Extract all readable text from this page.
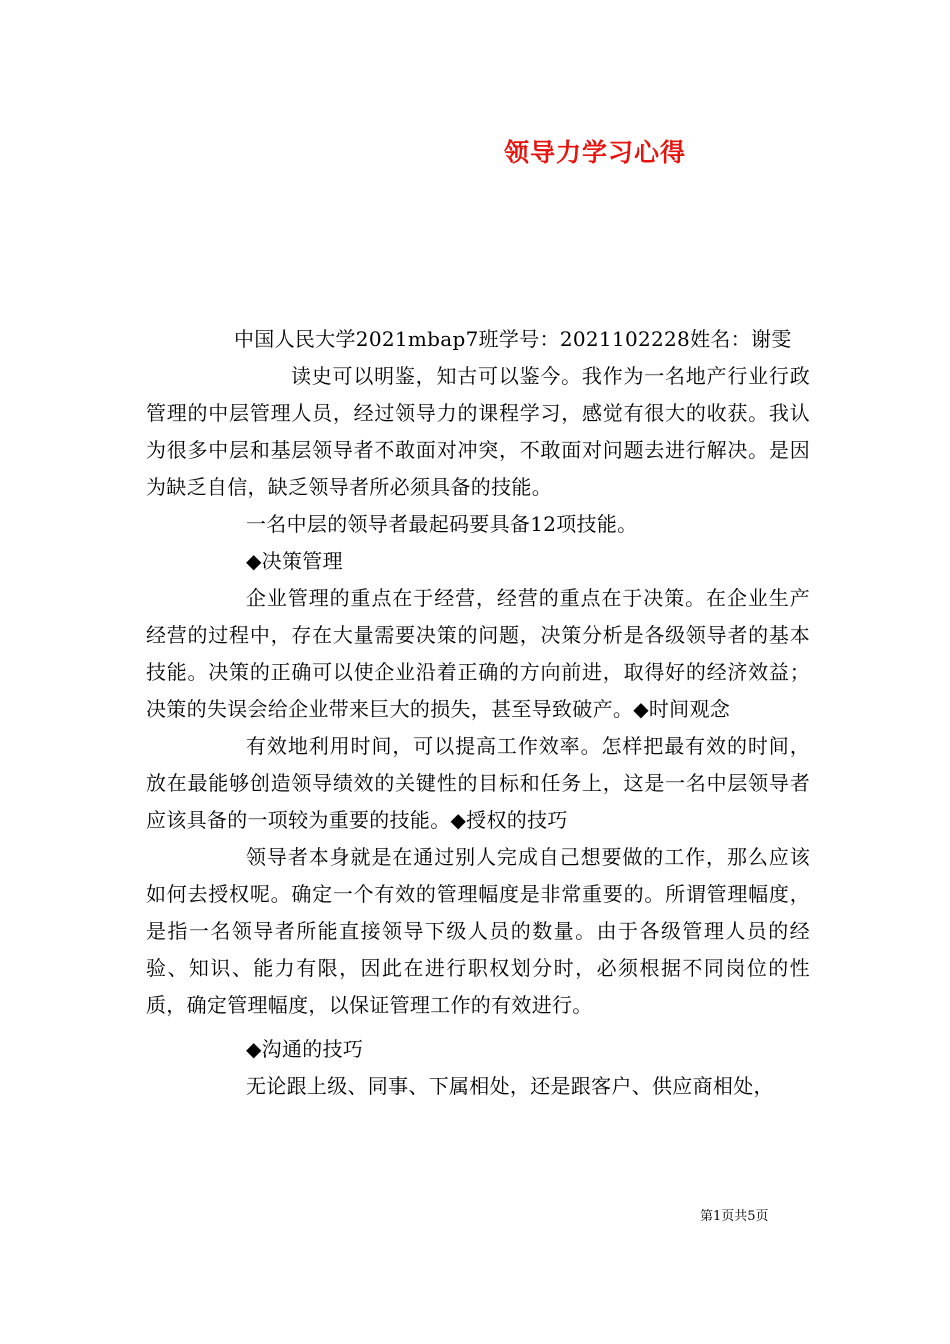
领导力学习心得

中国人民大学2021mbap7班学号：2021102228姓名：谢雯

读史可以明鉴，知古可以鉴今。我作为一名地产行业行政管理的中层管理人员，经过领导力的课程学习，感觉有很大的收获。我认为很多中层和基层领导者不敢面对冲突，不敢面对问题去进行解决。是因为缺乏自信，缺乏领导者所必须具备的技能。

一名中层的领导者最起码要具备12项技能。

◆决策管理

企业管理的重点在于经营，经营的重点在于决策。在企业生产经营的过程中，存在大量需要决策的问题，决策分析是各级领导者的基本技能。决策的正确可以使企业沿着正确的方向前进，取得好的经济效益；决策的失误会给企业带来巨大的损失，甚至导致破产。◆时间观念

有效地利用时间，可以提高工作效率。怎样把最有效的时间，放在最能够创造领导绩效的关键性的目标和任务上，这是一名中层领导者应该具备的一项较为重要的技能。◆授权的技巧

领导者本身就是在通过别人完成自己想要做的工作，那么应该如何去授权呢。确定一个有效的管理幅度是非常重要的。所谓管理幅度，是指一名领导者所能直接领导下级人员的数量。由于各级管理人员的经验、知识、能力有限，因此在进行职权划分时，必须根据不同岗位的性质，确定管理幅度，以保证管理工作的有效进行。

◆沟通的技巧

无论跟上级、同事、下属相处，还是跟客户、供应商相处，

第1页共5页
